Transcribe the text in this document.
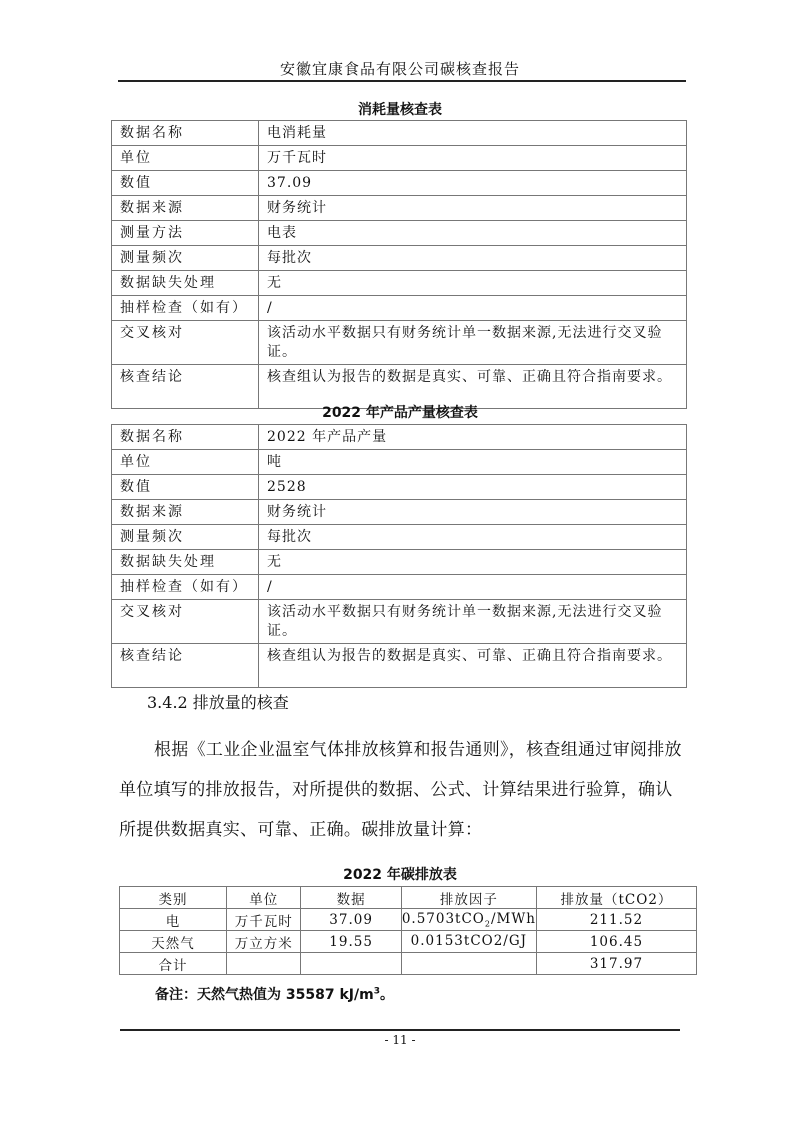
安徽宜康食品有限公司碳核查报告
消耗量核查表
数据名称	电消耗量
单位	万千瓦时
数值	37.09
数据来源	财务统计
测量方法	电表
测量频次	每批次
数据缺失处理	无
抽样检查（如有）	/
交叉核对	该活动水平数据只有财务统计单一数据来源,无法进行交叉验证。
核查结论	核查组认为报告的数据是真实、可靠、正确且符合指南要求。
2022 年产品产量核查表
数据名称	2022 年产品产量
单位	吨
数值	2528
数据来源	财务统计
测量频次	每批次
数据缺失处理	无
抽样检查（如有）	/
交叉核对	该活动水平数据只有财务统计单一数据来源,无法进行交叉验证。
核查结论	核查组认为报告的数据是真实、可靠、正确且符合指南要求。
3.4.2 排放量的核查
根据《工业企业温室气体排放核算和报告通则》，核查组通过审阅排放单位填写的排放报告，对所提供的数据、公式、计算结果进行验算，确认所提供数据真实、可靠、正确。碳排放量计算：
2022 年碳排放表
类别	单位	数据	排放因子	排放量（tCO2）
电	万千瓦时	37.09	0.5703tCO$_2$/MWh	211.52
天然气	万立方米	19.55	0.0153tCO2/GJ	106.45
合计				317.97
备注：天然气热值为 35587 $kJ/m^3$。
- 11 -
